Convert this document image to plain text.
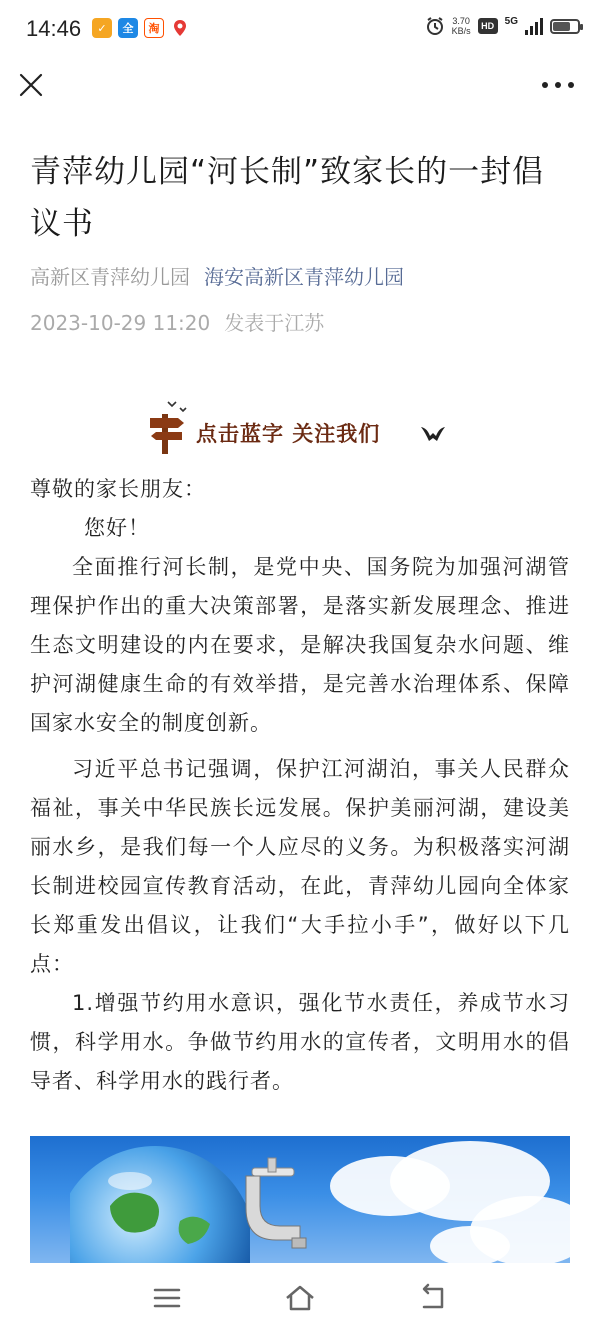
14:46	✓	全	淘
3.70
KB/s	HD	5G
青萍幼儿园“河长制”致家长的一封倡议书
高新区青萍幼儿园 海安高新区青萍幼儿园
2023-10-29 11:20 发表于江苏
点击蓝字 关注我们

尊敬的家长朋友：

您好！

全面推行河长制，是党中央、国务院为加强河湖管理保护作出的重大决策部署，是落实新发展理念、推进生态文明建设的内在要求，是解决我国复杂水问题、维护河湖健康生命的有效举措，是完善水治理体系、保障国家水安全的制度创新。

习近平总书记强调，保护江河湖泊，事关人民群众福祉，事关中华民族长远发展。保护美丽河湖，建设美丽水乡，是我们每一个人应尽的义务。为积极落实河湖长制进校园宣传教育活动，在此，青萍幼儿园向全体家长郑重发出倡议，让我们“大手拉小手”，做好以下几点：

1.增强节约用水意识，强化节水责任，养成节水习惯，科学用水。争做节约用水的宣传者，文明用水的倡导者、科学用水的践行者。
